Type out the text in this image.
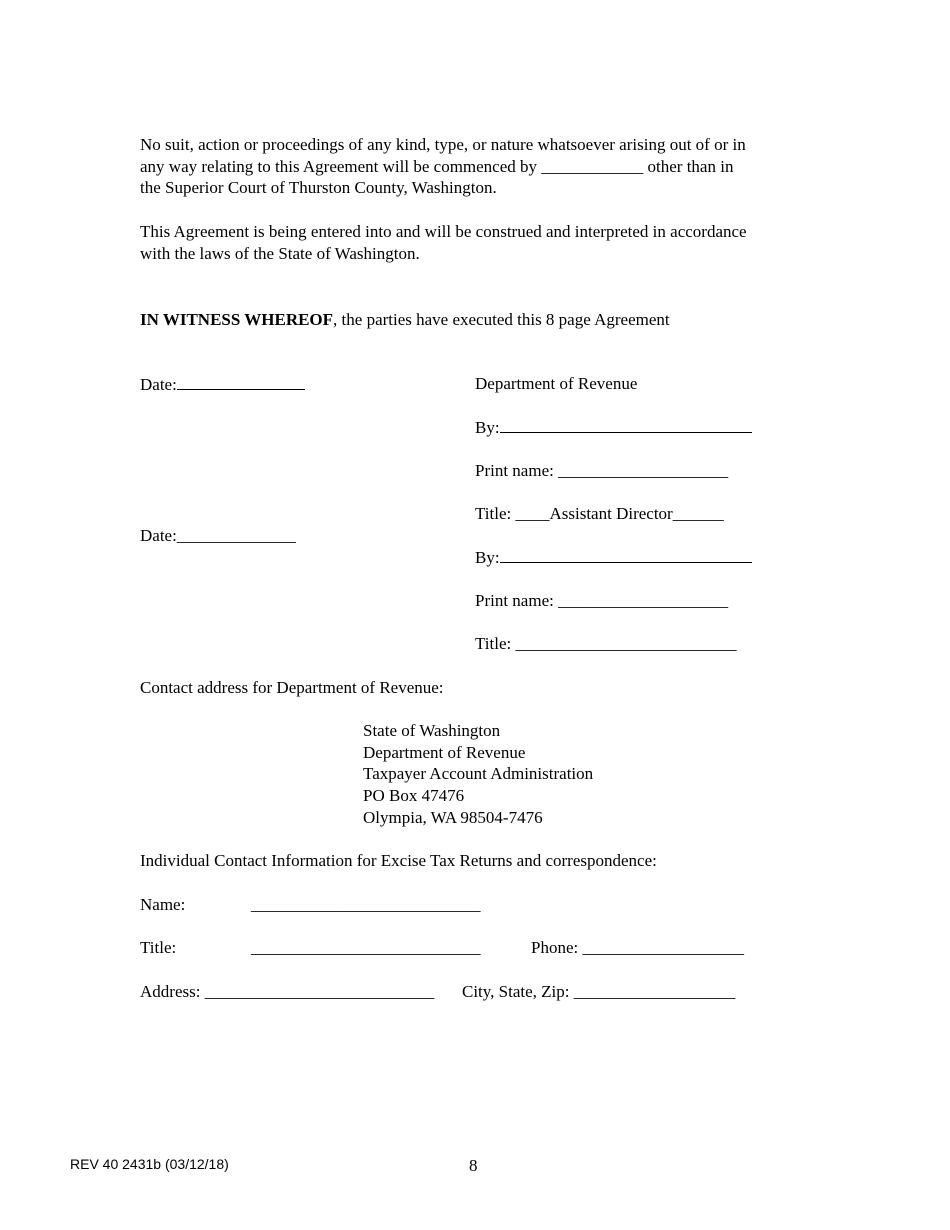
No suit, action or proceedings of any kind, type, or nature whatsoever arising out of or in
any way relating to this Agreement will be commenced by ____________ other than in
the Superior Court of Thurston County, Washington.
This Agreement is being entered into and will be construed and interpreted in accordance
with the laws of the State of Washington.
IN WITNESS WHEREOF, the parties have executed this 8 page Agreement
Date:
Date:______________
Department of Revenue
By:
Print name: ____________________
Title: ____Assistant Director______
By:
Print name: ____________________
Title: __________________________
Contact address for Department of Revenue:
State of Washington
Department of Revenue
Taxpayer Account Administration
PO Box 47476
Olympia, WA 98504-7476
Individual Contact Information for Excise Tax Returns and correspondence:
Name:	___________________________
Title:	___________________________	Phone: ___________________
Address: ___________________________ City, State, Zip: ___________________
REV 40 2431b (03/12/18)	8
